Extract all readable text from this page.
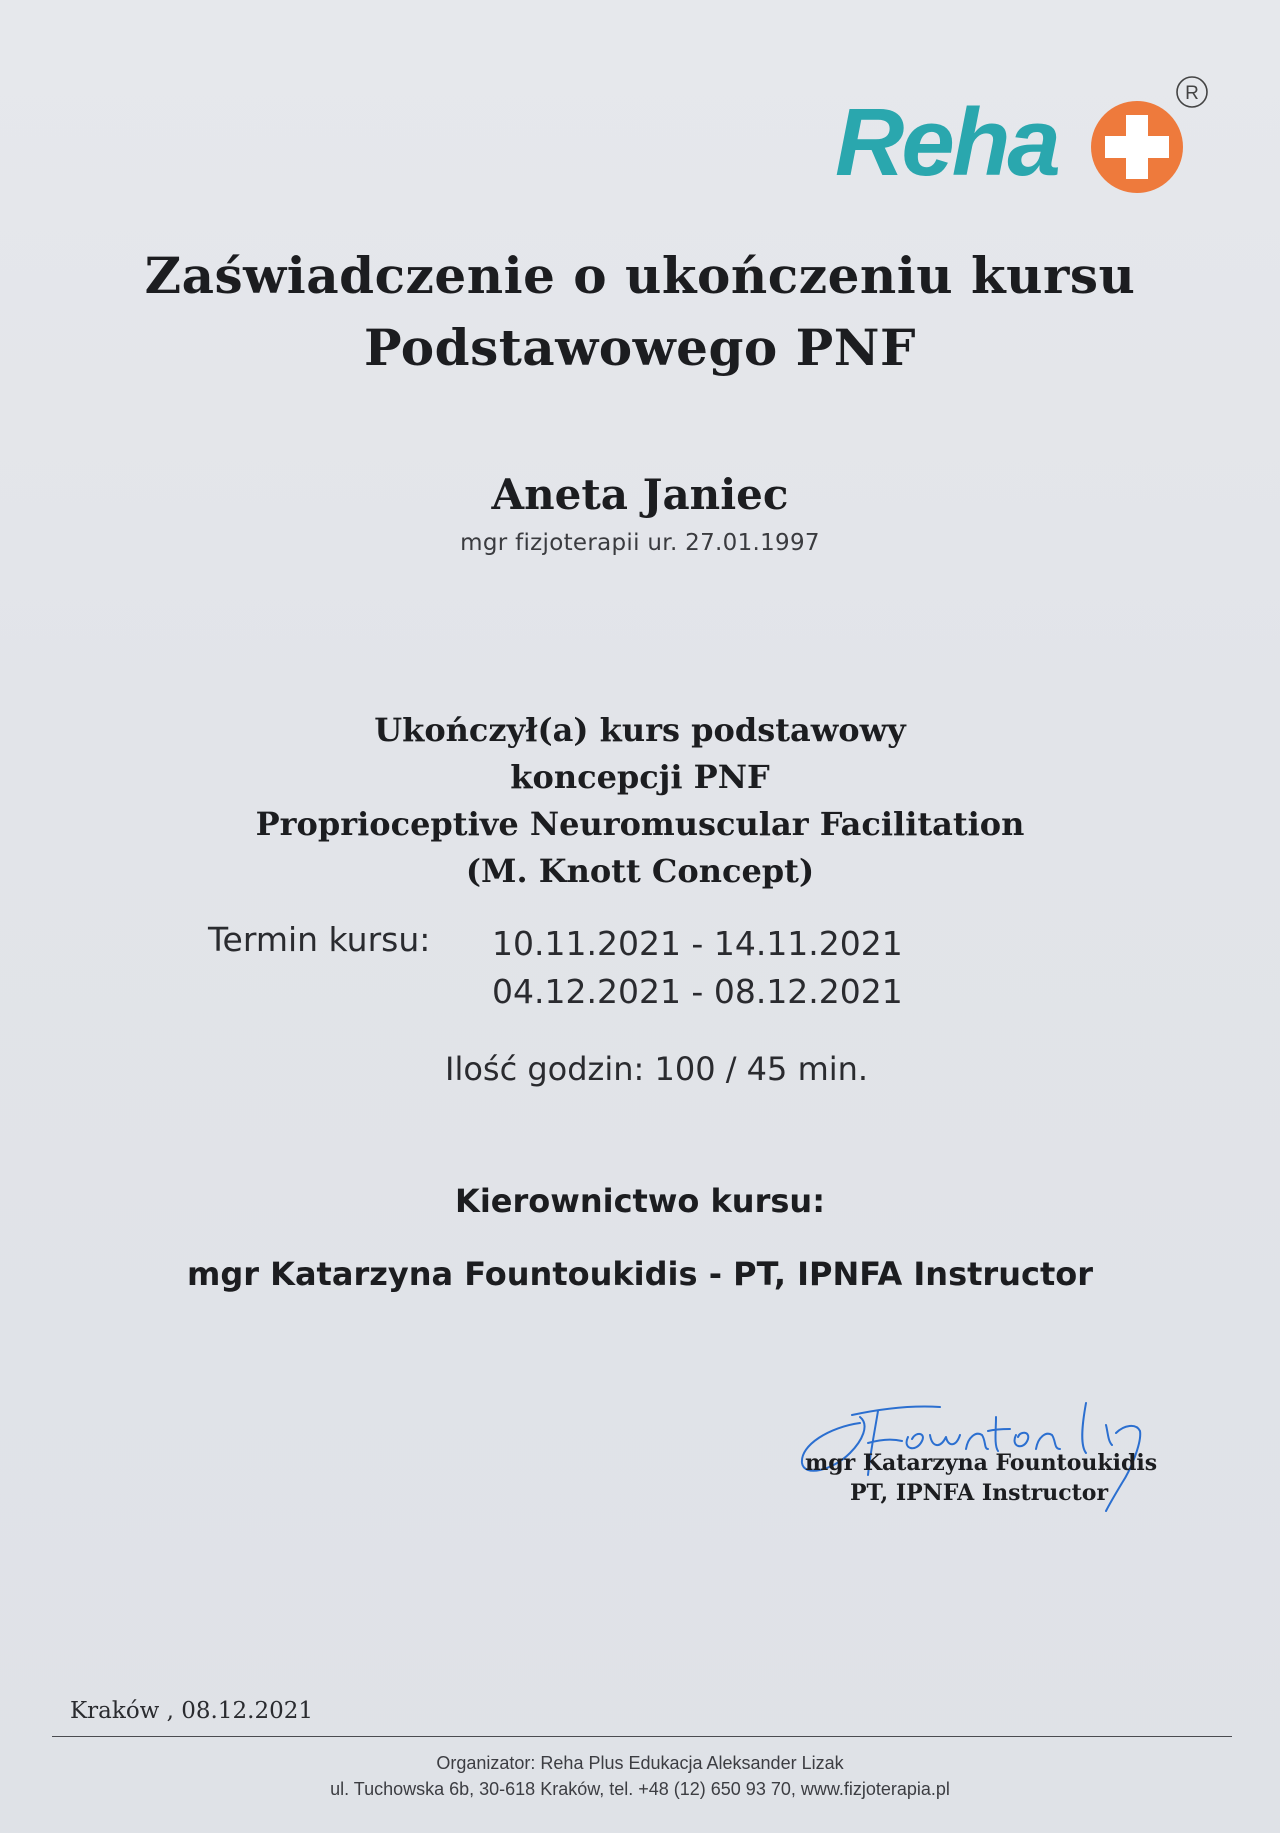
Reha	R
Zaświadczenie o ukończeniu kursu
Podstawowego PNF
Aneta Janiec
mgr fizjoterapii ur. 27.01.1997
Ukończył(a) kurs podstawowy
koncepcji PNF
Proprioceptive Neuromuscular Facilitation
(M. Knott Concept)
Termin kursu: 10.11.2021 - 14.11.2021
04.12.2021 - 08.12.2021
Ilość godzin: 100 / 45 min.
Kierownictwo kursu:
mgr Katarzyna Fountoukidis - PT, IPNFA Instructor
mgr Katarzyna Fountoukidis
PT, IPNFA Instructor
Kraków , 08.12.2021
Organizator: Reha Plus Edukacja Aleksander Lizak
ul. Tuchowska 6b, 30-618 Kraków, tel. +48 (12) 650 93 70, www.fizjoterapia.pl
